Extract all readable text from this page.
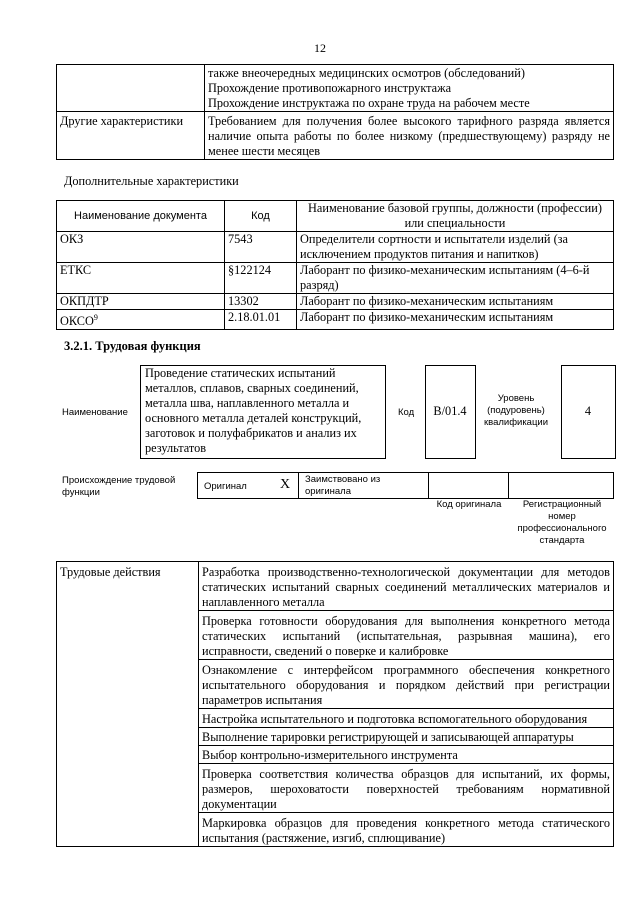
12

	также внеочередных медицинских осмотров (обследований)
Прохождение противопожарного инструктажа
Прохождение инструктажа по охране труда на рабочем месте

Другие характеристики	Требованием для получения более высокого тарифного разряда является наличие опыта работы по более низкому (предшествующему) разряду не менее шести месяцев
Дополнительные характеристики
Наименование документа	Код	Наименование базовой группы, должности (профессии) или специальности
ОКЗ	7543	Определители сортности и испытатели изделий (за исключением продуктов питания и напитков)
ЕТКС	§122124	Лаборант по физико-механическим испытаниям (4–6-й разряд)
ОКПДТР	13302	Лаборант по физико-механическим испытаниям
ОКСО$^9$	2.18.01.01	Лаборант по физико-механическим испытаниям
3.2.1. Трудовая функция
Наименование
Проведение статических испытаний металлов, сплавов, сварных соединений, металла шва, наплавленного металла и основного металла деталей конструкций, заготовок и полуфабрикатов и анализ их результатов
Код	B/01.4
Уровень (подуровень) квалификации
4
Происхождение трудовой функции
Оригинал X Заимствовано из оригинала
Код оригинала	Регистрационный номер профессионального стандарта
Трудовые действия	Разработка производственно-технологической документации для методов статических испытаний сварных соединений металлических материалов и наплавленного металла
Проверка готовности оборудования для выполнения конкретного метода статических испытаний (испытательная, разрывная машина), его исправности, сведений о поверке и калибровке
Ознакомление с интерфейсом программного обеспечения конкретного испытательного оборудования и порядком действий при регистрации параметров испытания
Настройка испытательного и подготовка вспомогательного оборудования
Выполнение тарировки регистрирующей и записывающей аппаратуры
Выбор контрольно-измерительного инструмента
Проверка соответствия количества образцов для испытаний, их формы, размеров, шероховатости поверхностей требованиям нормативной документации
Маркировка образцов для проведения конкретного метода статического испытания (растяжение, изгиб, сплющивание)
